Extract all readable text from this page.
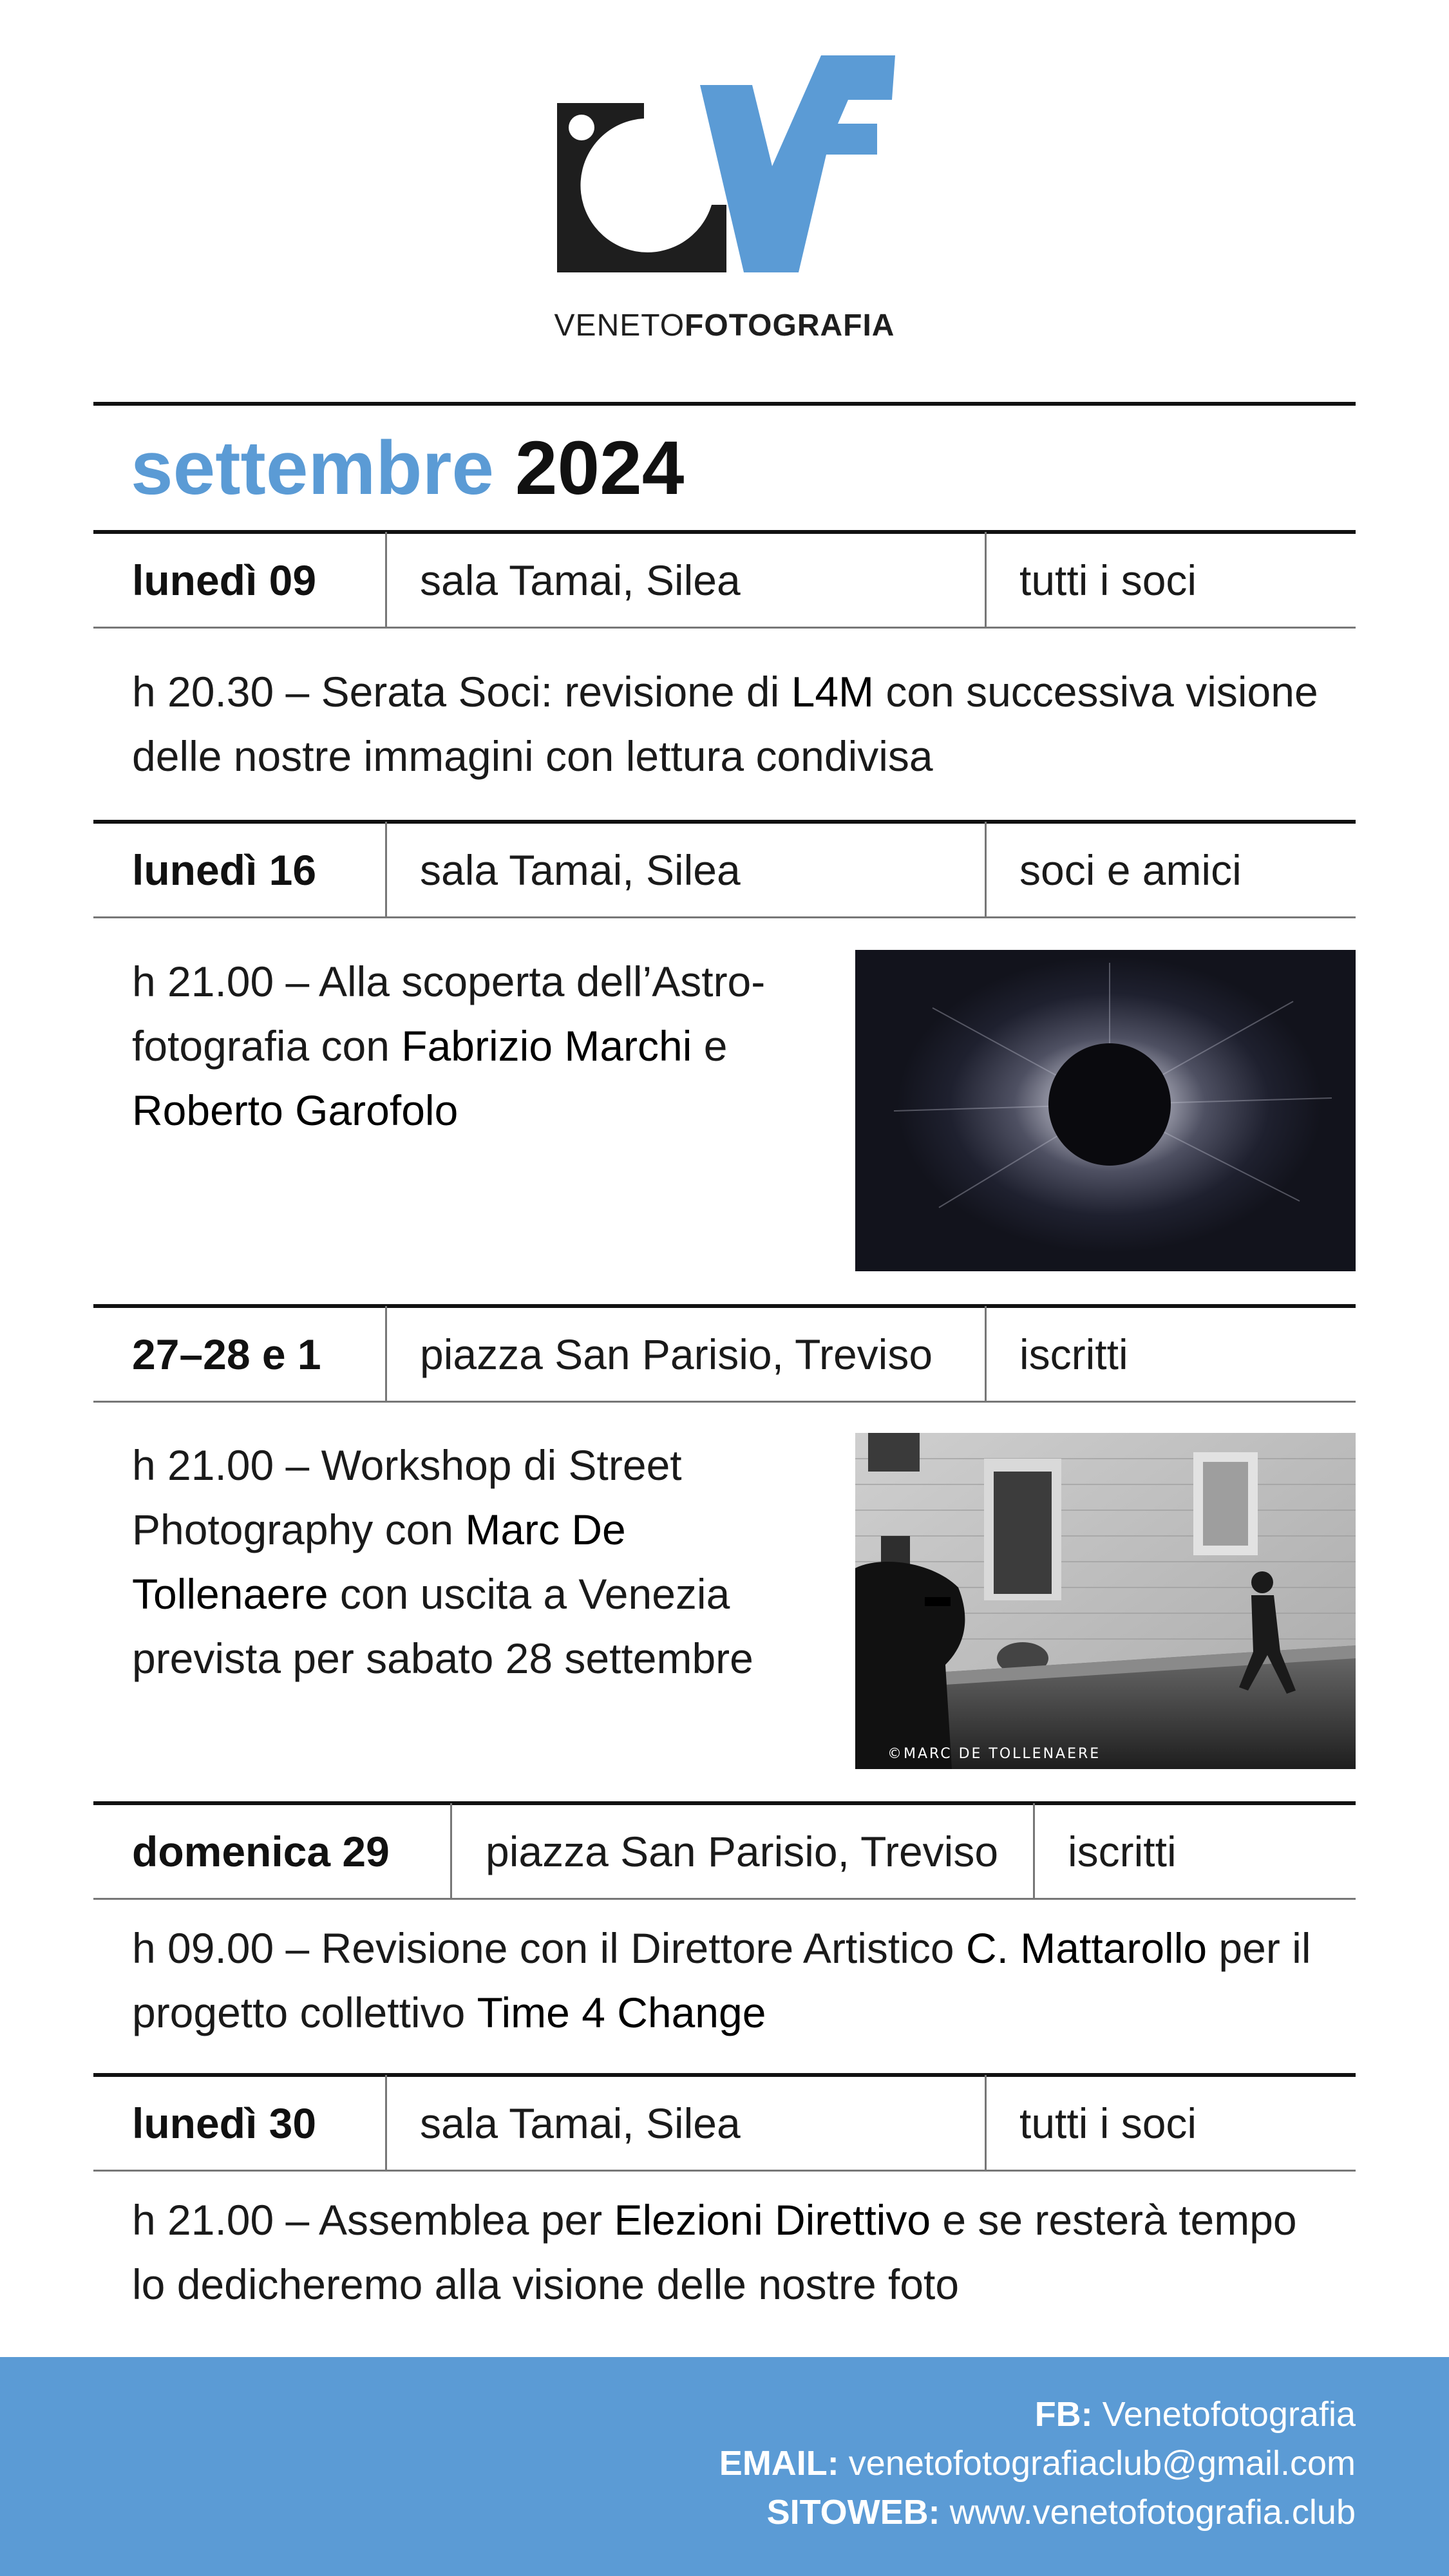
VENETOFOTOGRAFIA
settembre 2024
lunedì 09 sala Tamai, Silea	tutti i soci
h 20.30 – Serata Soci: revisione di L4M con successiva visione delle nostre immagini con lettura condivisa
lunedì 16 sala Tamai, Silea	soci e amici
h 21.00 – Alla scoperta dell’Astro-fotografia con Fabrizio Marchi e Roberto Garofolo
27–28 e 1 piazza San Parisio, Treviso iscritti
h 21.00 – Workshop di Street Photography con Marc De Tollenaere con uscita a Venezia prevista per sabato 28 settembre
©MARC DE TOLLENAERE
domenica 29 piazza San Parisio, Treviso iscritti
h 09.00 – Revisione con il Direttore Artistico C. Mattarollo per il progetto collettivo Time 4 Change
lunedì 30 sala Tamai, Silea	tutti i soci
h 21.00 – Assemblea per Elezioni Direttivo e se resterà tempo lo dedicheremo alla visione delle nostre foto
FB: Venetofotografia
EMAIL: venetofotografiaclub@gmail.com
SITOWEB: www.venetofotografia.club
